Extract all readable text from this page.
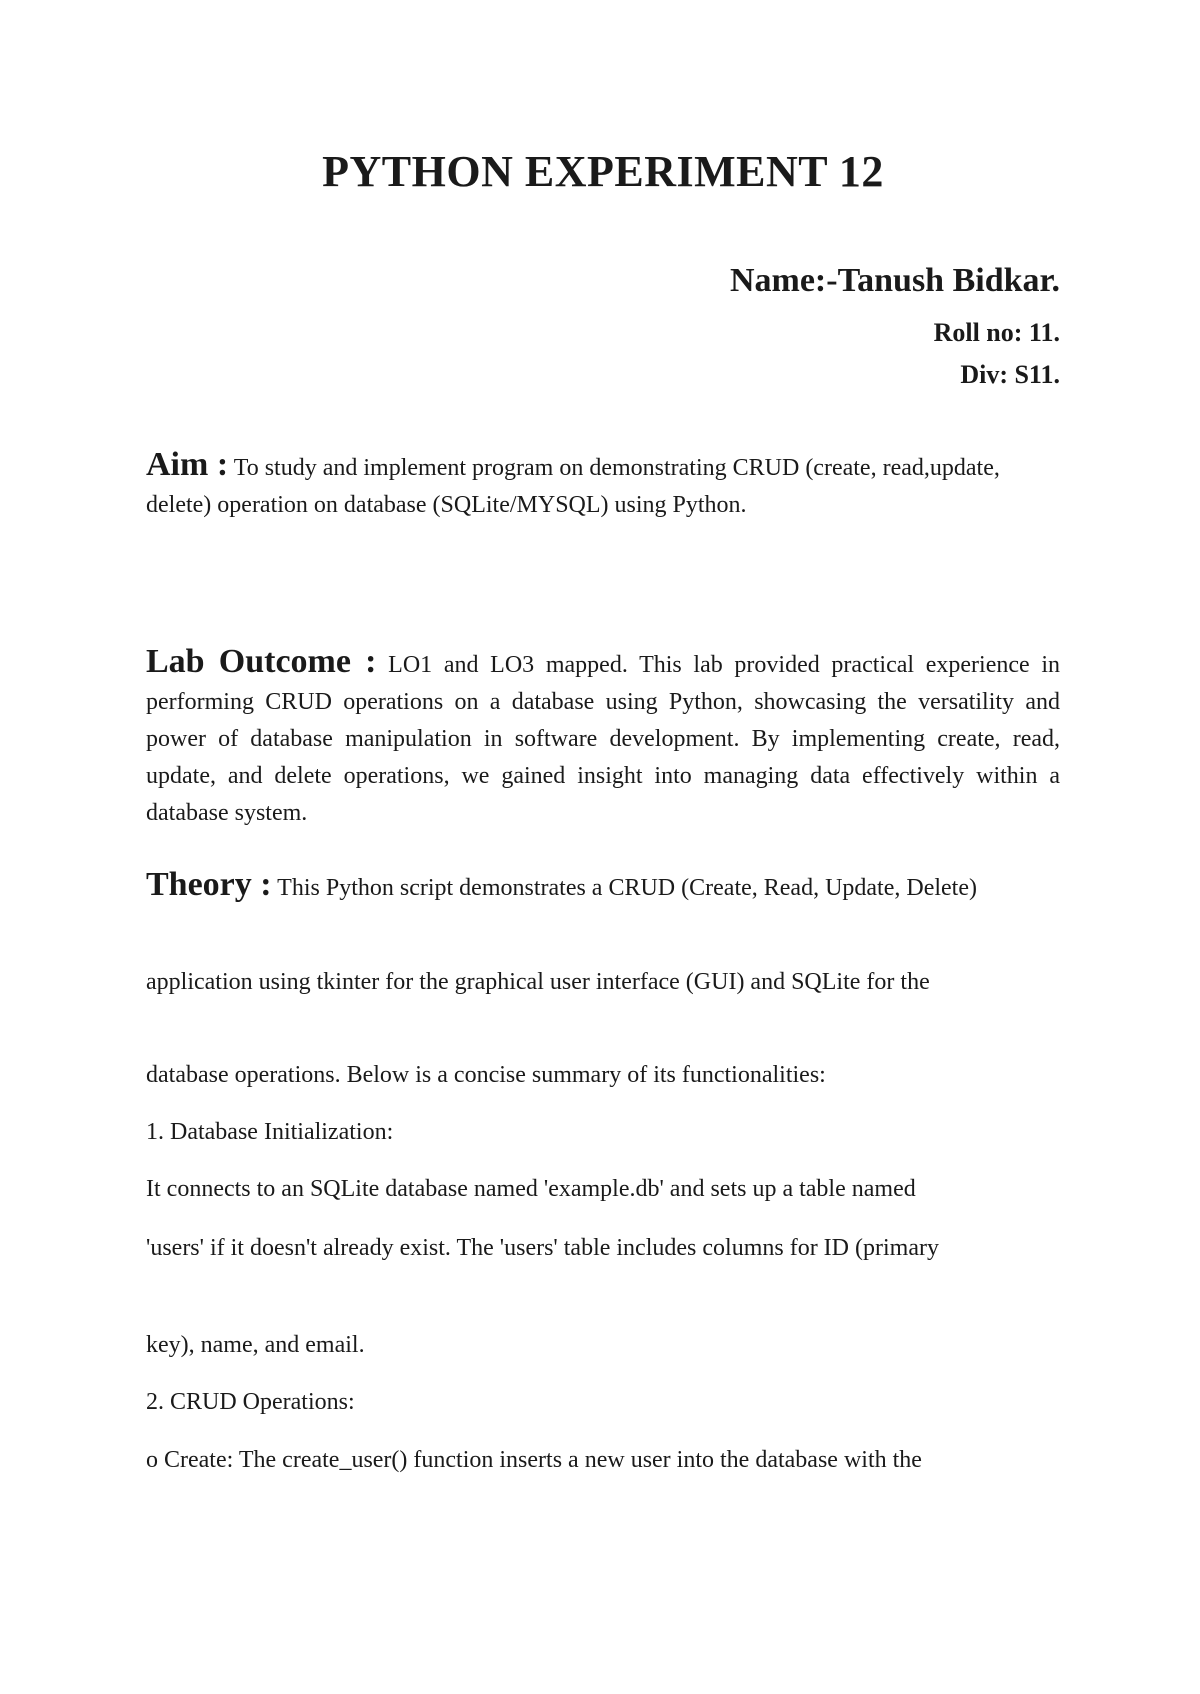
PYTHON EXPERIMENT 12

Name:-Tanush Bidkar.

Roll no: 11.

Div: S11.

Aim : To study and implement program on demonstrating CRUD (create, read,update, delete) operation on database (SQLite/MYSQL) using Python.

Lab Outcome : LO1 and LO3 mapped. This lab provided practical experience in performing CRUD operations on a database using Python, showcasing the versatility and power of database manipulation in software development. By implementing create, read, update, and delete operations, we gained insight into managing data effectively within a database system.

Theory : This Python script demonstrates a CRUD (Create, Read, Update, Delete)

application using tkinter for the graphical user interface (GUI) and SQLite for the

database operations. Below is a concise summary of its functionalities:

1. Database Initialization:

It connects to an SQLite database named 'example.db' and sets up a table named

'users' if it doesn't already exist. The 'users' table includes columns for ID (primary

key), name, and email.

2. CRUD Operations:

o Create: The create_user() function inserts a new user into the database with the
